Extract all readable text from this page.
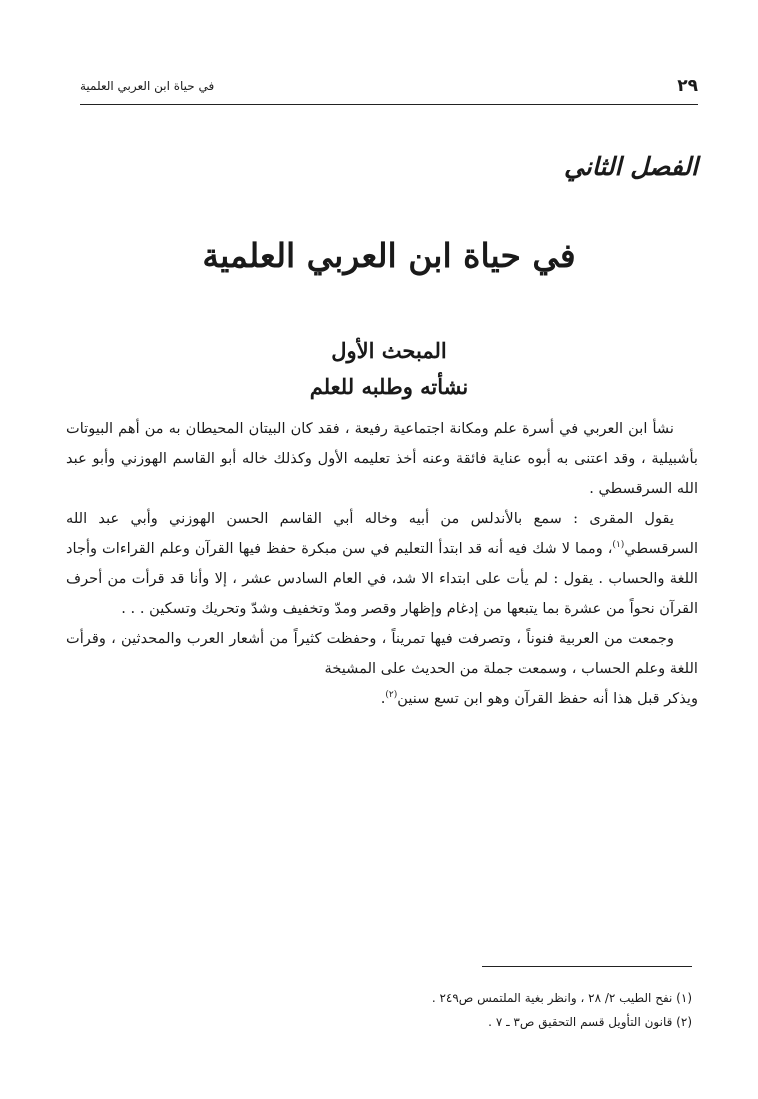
٢٩
في حياة ابن العربي العلمية
الفصل الثاني
في حياة ابن العربي العلمية
المبحث الأول
نشأته وطلبه للعلم

نشأ ابن العربي في أسرة علم ومكانة اجتماعية رفيعة ، فقد كان البيتان المحيطان به من أهم البيوتات بأشبيلية ، وقد اعتنى به أبوه عناية فائقة وعنه أخذ تعليمه الأول وكذلك خاله أبو القاسم الهوزني وأبو عبد الله السرقسطي .

يقول المقرى : سمع بالأندلس من أبيه وخاله أبي القاسم الحسن الهوزني وأبي عبد الله السرقسطي$^{(١)}$، ومما لا شك فيه أنه قد ابتدأ التعليم في سن مبكرة حفظ فيها القرآن وعلم القراءات وأجاد اللغة والحساب . يقول : لم يأت على ابتداء الا شد، في العام السادس عشر ، إلا وأنا قد قرأت من أحرف القرآن نحواً من عشرة بما يتبعها من إدغام وإظهار وقصر ومدّ وتخفيف وشدّ وتحريك وتسكين . . .

وجمعت من العربية فنوناً ، وتصرفت فيها تمريناً ، وحفظت كثيراً من أشعار العرب والمحدثين ، وقرأت اللغة وعلم الحساب ، وسمعت جملة من الحديث على المشيخة

ويذكر قبل هذا أنه حفظ القرآن وهو ابن تسع سنين$^{(٢)}$.

(١) نفح الطيب ٢/ ٢٨ ، وانظر بغية الملتمس ص٢٤٩ .

(٢) قانون التأويل قسم التحقيق ص٣ ـ ٧ .
